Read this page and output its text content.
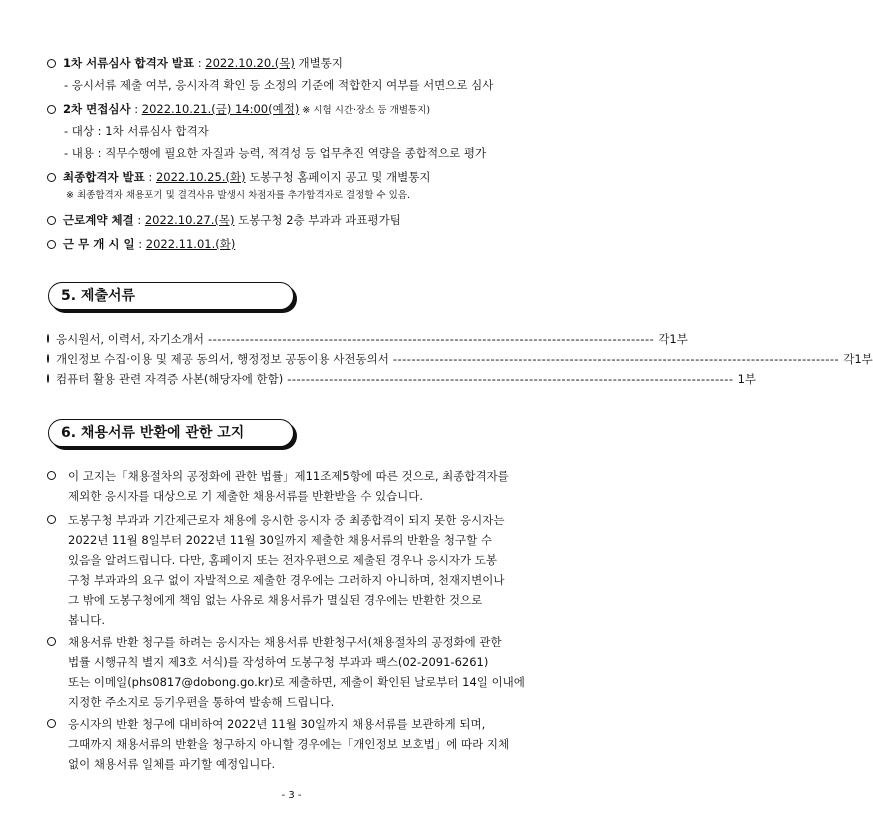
1차 서류심사 합격자 발표 : 2022.10.20.(목) 개별통지
- 응시서류 제출 여부, 응시자격 확인 등 소정의 기준에 적합한지 여부를 서면으로 심사
2차 면접심사 : 2022.10.21.(금) 14:00(예정) ※ 시험 시간·장소 등 개별통지)
- 대상 : 1차 서류심사 합격자
- 내용 : 직무수행에 필요한 자질과 능력, 적격성 등 업무추진 역량을 종합적으로 평가
최종합격자 발표 : 2022.10.25.(화) 도봉구청 홈페이지 공고 및 개별통지
※ 최종합격자 채용포기 및 결격사유 발생시 차점자를 추가합격자로 결정할 수 있음.
근로계약 체결 : 2022.10.27.(목) 도봉구청 2층 부과과 과표평가팀
근 무 개 시 일 : 2022.11.01.(화)
5. 제출서류
응시원서, 이력서, 자기소개서 ------------------------------------------------------------------------------------------------ 각1부
개인정보 수집·이용 및 제공 동의서, 행정정보 공동이용 사전동의서 ------------------------------------------------------------------------------------------------ 각1부
컴퓨터 활용 관련 자격증 사본(해당자에 한함) ------------------------------------------------------------------------------------------------ 1부
6. 채용서류 반환에 관한 고지
이 고지는「채용절차의 공정화에 관한 법률」제11조제5항에 따른 것으로, 최종합격자를
제외한 응시자를 대상으로 기 제출한 채용서류를 반환받을 수 있습니다.
도봉구청 부과과 기간제근로자 채용에 응시한 응시자 중 최종합격이 되지 못한 응시자는
2022년 11월 8일부터 2022년 11월 30일까지 제출한 채용서류의 반환을 청구할 수
있음을 알려드립니다. 다만, 홈페이지 또는 전자우편으로 제출된 경우나 응시자가 도봉
구청 부과과의 요구 없이 자발적으로 제출한 경우에는 그러하지 아니하며, 천재지변이나
그 밖에 도봉구청에게 책임 없는 사유로 채용서류가 멸실된 경우에는 반환한 것으로
봅니다.
채용서류 반환 청구를 하려는 응시자는 채용서류 반환청구서(채용절차의 공정화에 관한
법률 시행규칙 별지 제3호 서식)를 작성하여 도봉구청 부과과 팩스(02-2091-6261)
또는 이메일(phs0817@dobong.go.kr)로 제출하면, 제출이 확인된 날로부터 14일 이내에
지정한 주소지로 등기우편을 통하여 발송해 드립니다.
응시자의 반환 청구에 대비하여 2022년 11월 30일까지 채용서류를 보관하게 되며,
그때까지 채용서류의 반환을 청구하지 아니할 경우에는「개인정보 보호법」에 따라 지체
없이 채용서류 일체를 파기할 예정입니다.
- 3 -
